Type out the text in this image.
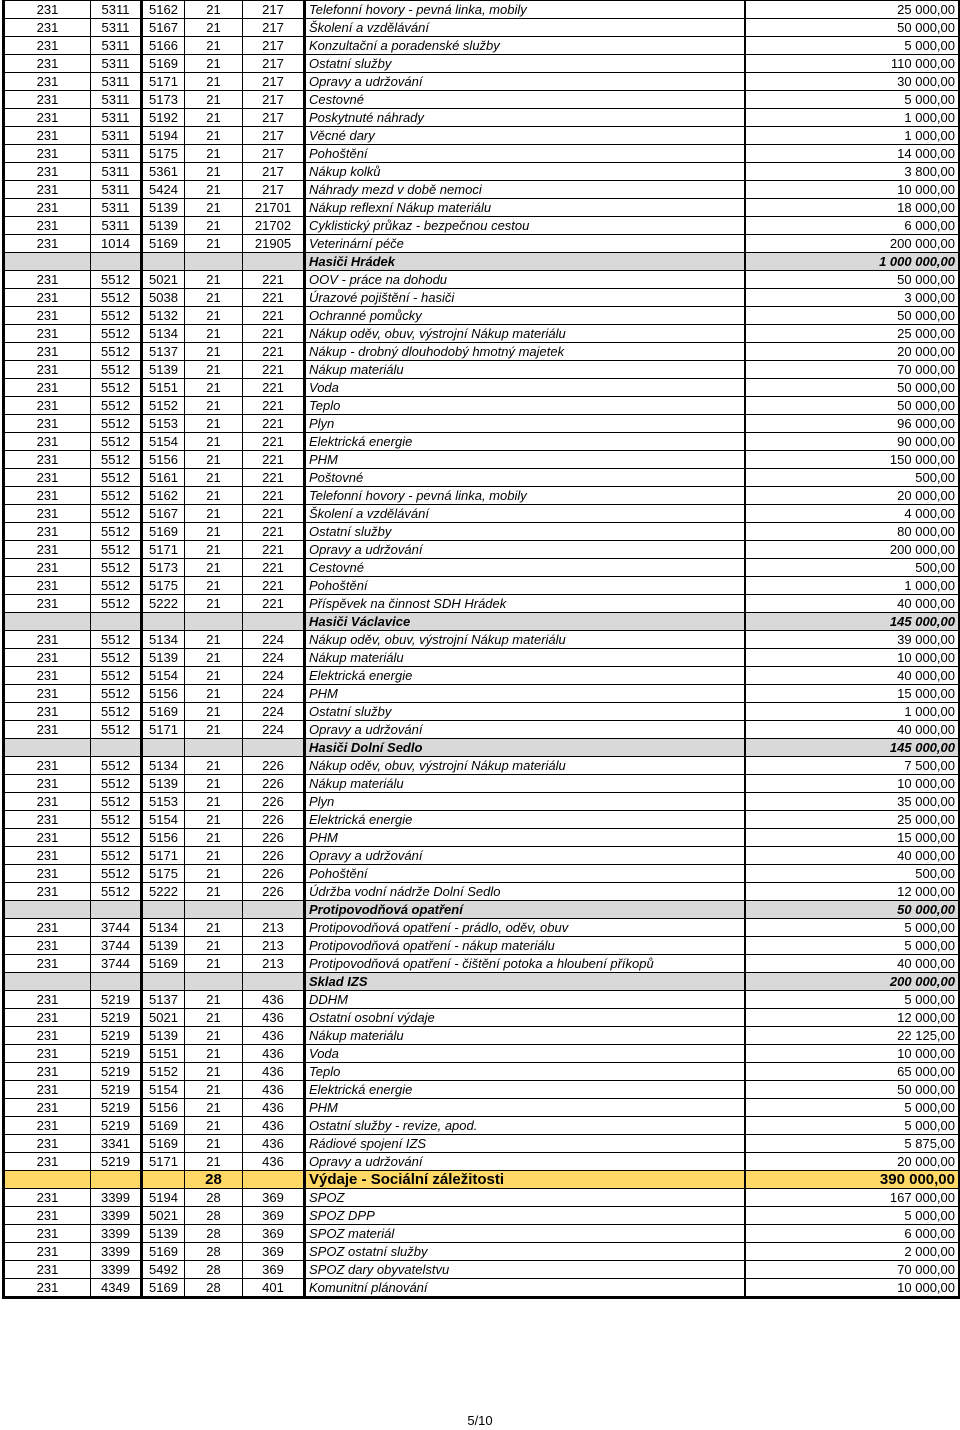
231	5311	5162	21	217	Telefonní hovory - pevná linka, mobily	25 000,00
231	5311	5167	21	217	Školení a vzdělávání	50 000,00
231	5311	5166	21	217	Konzultační a poradenské služby	5 000,00
231	5311	5169	21	217	Ostatní služby	110 000,00
231	5311	5171	21	217	Opravy a udržování	30 000,00
231	5311	5173	21	217	Cestovné	5 000,00
231	5311	5192	21	217	Poskytnuté náhrady	1 000,00
231	5311	5194	21	217	Věcné dary	1 000,00
231	5311	5175	21	217	Pohoštění	14 000,00
231	5311	5361	21	217	Nákup kolků	3 800,00
231	5311	5424	21	217	Náhrady mezd v době nemoci	10 000,00
231	5311	5139	21	21701	Nákup reflexní Nákup materiálu	18 000,00
231	5311	5139	21	21702	Cyklistický průkaz - bezpečnou cestou	6 000,00
231	1014	5169	21	21905	Veterinární péče	200 000,00
					Hasiči Hrádek	1 000 000,00
231	5512	5021	21	221	OOV - práce na dohodu	50 000,00
231	5512	5038	21	221	Úrazové pojištění - hasiči	3 000,00
231	5512	5132	21	221	Ochranné pomůcky	50 000,00
231	5512	5134	21	221	Nákup oděv, obuv, výstrojní Nákup materiálu	25 000,00
231	5512	5137	21	221	Nákup - drobný dlouhodobý hmotný majetek	20 000,00
231	5512	5139	21	221	Nákup materiálu	70 000,00
231	5512	5151	21	221	Voda	50 000,00
231	5512	5152	21	221	Teplo	50 000,00
231	5512	5153	21	221	Plyn	96 000,00
231	5512	5154	21	221	Elektrická energie	90 000,00
231	5512	5156	21	221	PHM	150 000,00
231	5512	5161	21	221	Poštovné	500,00
231	5512	5162	21	221	Telefonní hovory - pevná linka, mobily	20 000,00
231	5512	5167	21	221	Školení a vzdělávání	4 000,00
231	5512	5169	21	221	Ostatní služby	80 000,00
231	5512	5171	21	221	Opravy a udržování	200 000,00
231	5512	5173	21	221	Cestovné	500,00
231	5512	5175	21	221	Pohoštění	1 000,00
231	5512	5222	21	221	Příspěvek na činnost SDH Hrádek	40 000,00
					Hasiči Václavice	145 000,00
231	5512	5134	21	224	Nákup oděv, obuv, výstrojní Nákup materiálu	39 000,00
231	5512	5139	21	224	Nákup materiálu	10 000,00
231	5512	5154	21	224	Elektrická energie	40 000,00
231	5512	5156	21	224	PHM	15 000,00
231	5512	5169	21	224	Ostatní služby	1 000,00
231	5512	5171	21	224	Opravy a udržování	40 000,00
					Hasiči Dolní Sedlo	145 000,00
231	5512	5134	21	226	Nákup oděv, obuv, výstrojní Nákup materiálu	7 500,00
231	5512	5139	21	226	Nákup materiálu	10 000,00
231	5512	5153	21	226	Plyn	35 000,00
231	5512	5154	21	226	Elektrická energie	25 000,00
231	5512	5156	21	226	PHM	15 000,00
231	5512	5171	21	226	Opravy a udržování	40 000,00
231	5512	5175	21	226	Pohoštění	500,00
231	5512	5222	21	226	Údržba vodní nádrže Dolní Sedlo	12 000,00
					Protipovodňová opatření	50 000,00
231	3744	5134	21	213	Protipovodňová opatření - prádlo, oděv, obuv	5 000,00
231	3744	5139	21	213	Protipovodňová opatření - nákup materiálu	5 000,00
231	3744	5169	21	213	Protipovodňová opatření - čištění potoka a hloubení příkopů	40 000,00
					Sklad IZS	200 000,00
231	5219	5137	21	436	DDHM	5 000,00
231	5219	5021	21	436	Ostatní osobní výdaje	12 000,00
231	5219	5139	21	436	Nákup materiálu	22 125,00
231	5219	5151	21	436	Voda	10 000,00
231	5219	5152	21	436	Teplo	65 000,00
231	5219	5154	21	436	Elektrická energie	50 000,00
231	5219	5156	21	436	PHM	5 000,00
231	5219	5169	21	436	Ostatní služby - revize, apod.	5 000,00
231	3341	5169	21	436	Rádiové spojení IZS	5 875,00
231	5219	5171	21	436	Opravy a udržování	20 000,00
			28		Výdaje - Sociální záležitosti	390 000,00
231	3399	5194	28	369	SPOZ	167 000,00
231	3399	5021	28	369	SPOZ DPP	5 000,00
231	3399	5139	28	369	SPOZ materiál	6 000,00
231	3399	5169	28	369	SPOZ ostatní služby	2 000,00
231	3399	5492	28	369	SPOZ dary obyvatelstvu	70 000,00
231	4349	5169	28	401	Komunitní plánování	10 000,00
5/10
